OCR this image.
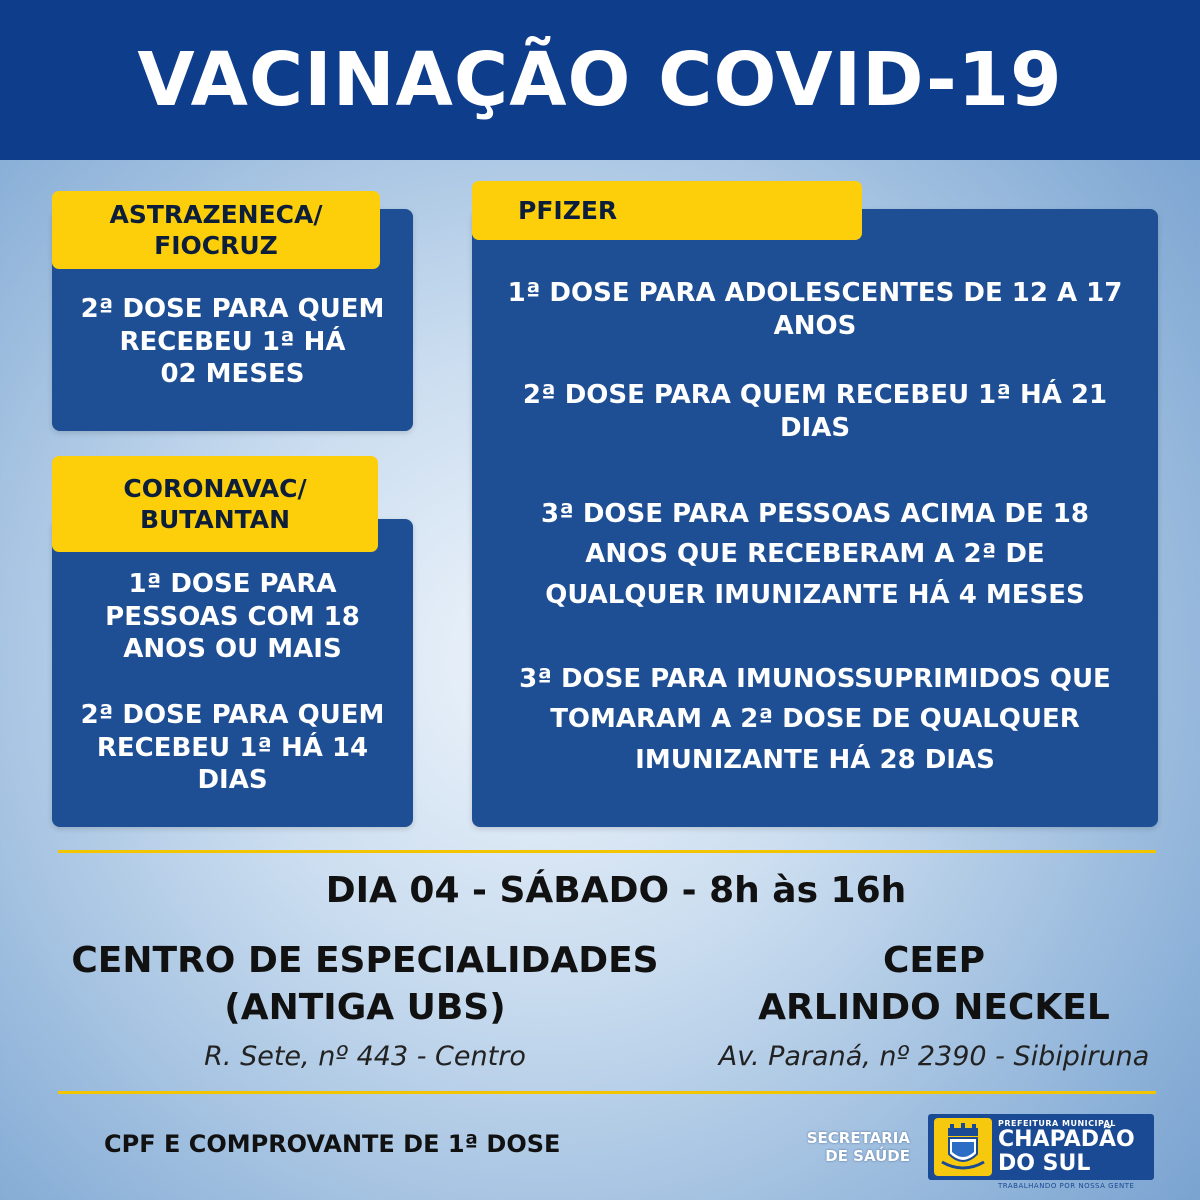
VACINAÇÃO COVID-19

2ª DOSE PARA QUEM

RECEBEU 1ª HÁ

02 MESES

ASTRAZENECA/
FIOCRUZ

1ª DOSE PARA

PESSOAS COM 18

ANOS OU MAIS

2ª DOSE PARA QUEM

RECEBEU 1ª HÁ 14

DIAS

CORONAVAC/
BUTANTAN

1ª DOSE PARA ADOLESCENTES DE 12 A 17

ANOS

2ª DOSE PARA QUEM RECEBEU 1ª HÁ 21

DIAS

3ª DOSE PARA PESSOAS ACIMA DE 18

ANOS QUE RECEBERAM A 2ª DE

QUALQUER IMUNIZANTE HÁ 4 MESES

3ª DOSE PARA IMUNOSSUPRIMIDOS QUE

TOMARAM A 2ª DOSE DE QUALQUER

IMUNIZANTE HÁ 28 DIAS

PFIZER
DIA 04 - SÁBADO - 8h às 16h

CENTRO DE ESPECIALIDADES

(ANTIGA UBS)

R. Sete, nº 443 - Centro

CEEP

ARLINDO NECKEL

Av. Paraná, nº 2390 - Sibipiruna
CPF E COMPROVANTE DE 1ª DOSE	SECRETARIA

DE SAÚDE

PREFEITURA MUNICIPAL
CHAPADÃO
DO SUL
TRABALHANDO POR NOSSA GENTE
